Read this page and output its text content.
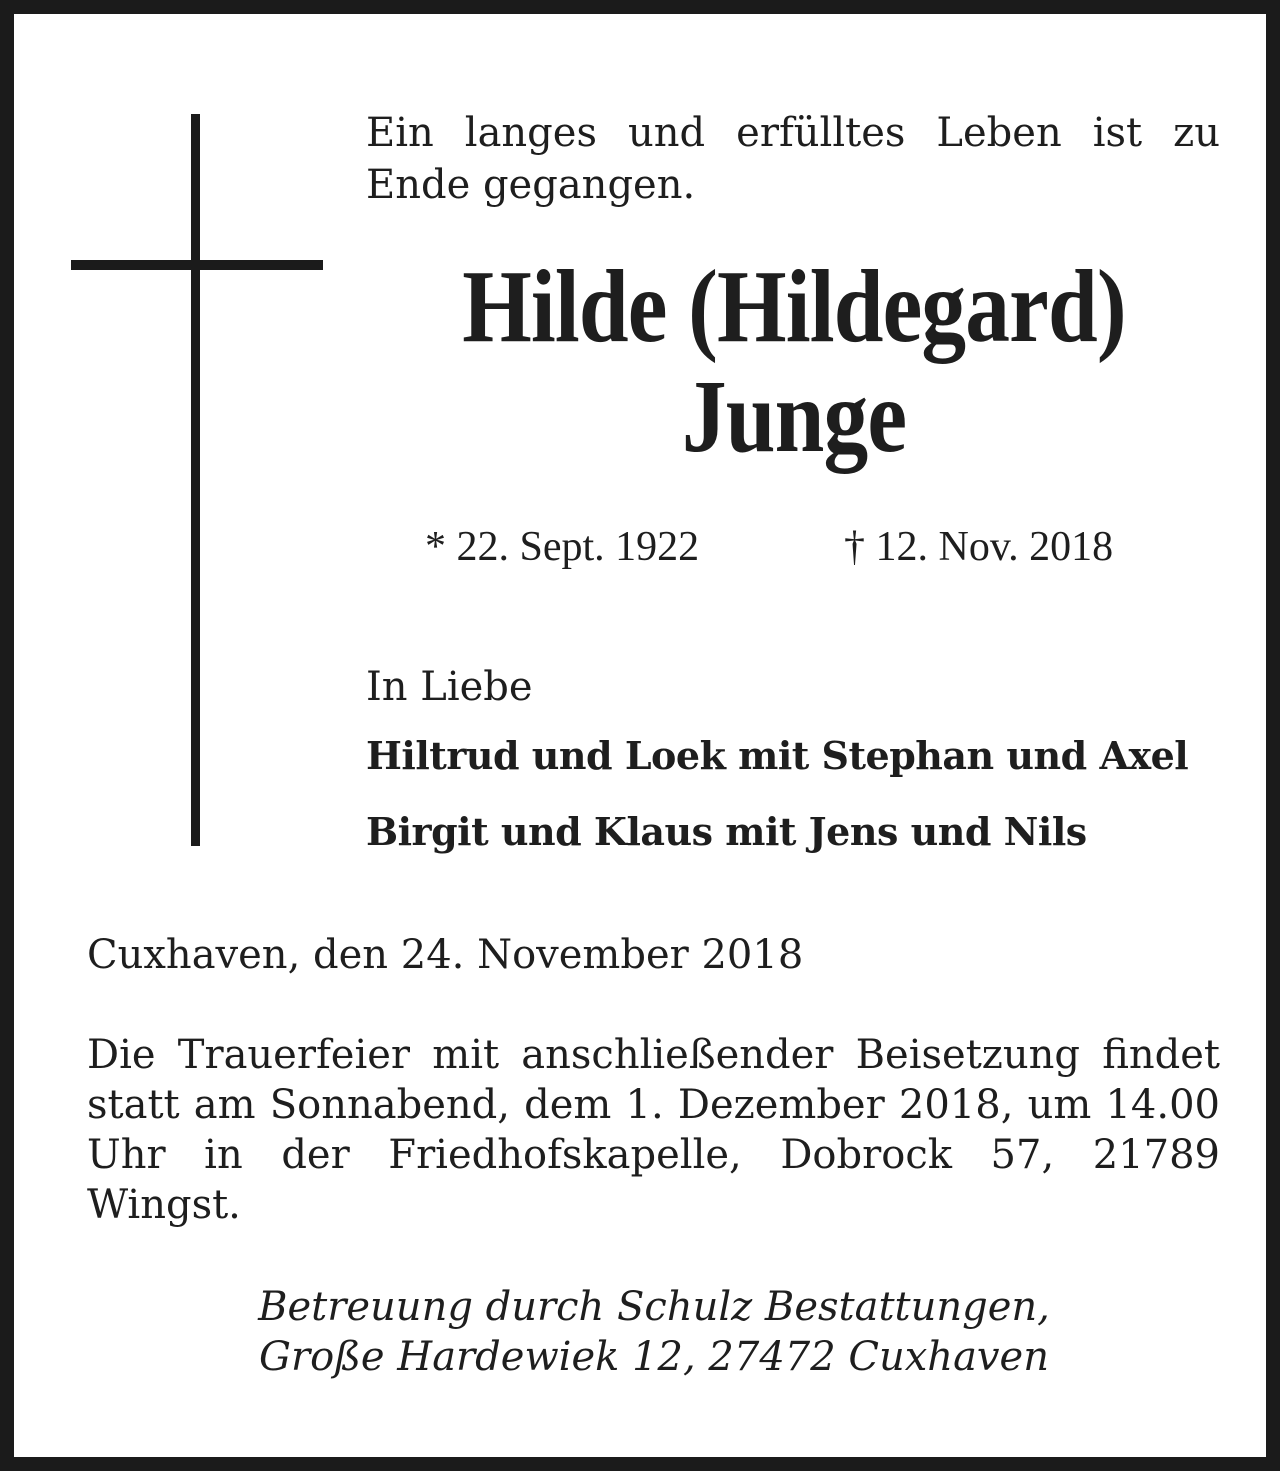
Ein langes und erfülltes Leben ist zu Ende gegangen.
Hilde (Hildegard)
Junge
* 22. Sept. 1922	† 12. Nov. 2018
In Liebe
Hiltrud und Loek mit Stephan und Axel
Birgit und Klaus mit Jens und Nils
Cuxhaven, den 24. November 2018
Die Trauerfeier mit anschließender Beisetzung findet
statt am Sonnabend, dem 1. Dezember 2018, um 14.00
Uhr in der Friedhofskapelle, Dobrock 57, 21789
Wingst.
Betreuung durch Schulz Bestattungen,
Große Hardewiek 12, 27472 Cuxhaven
